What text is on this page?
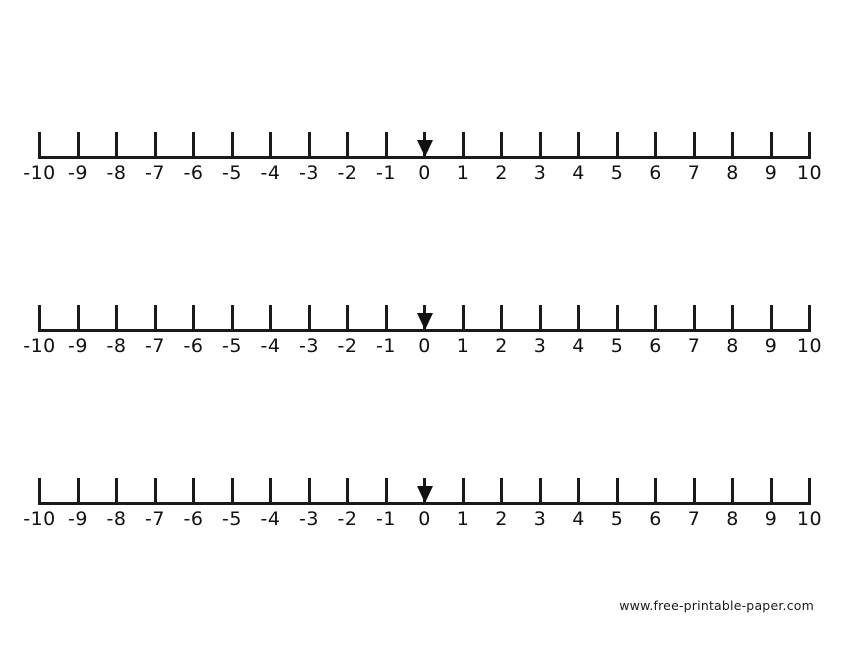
-10 -9 -8 -7 -6 -5 -4 -3 -2 -1	0	1	2	3	4	5	6	7	8	9	10
-10 -9 -8 -7 -6 -5 -4 -3 -2 -1	0	1	2	3	4	5	6	7	8	9	10
-10 -9 -8 -7 -6 -5 -4 -3 -2 -1	0	1	2	3	4	5	6	7	8	9	10
www.free-printable-paper.com
